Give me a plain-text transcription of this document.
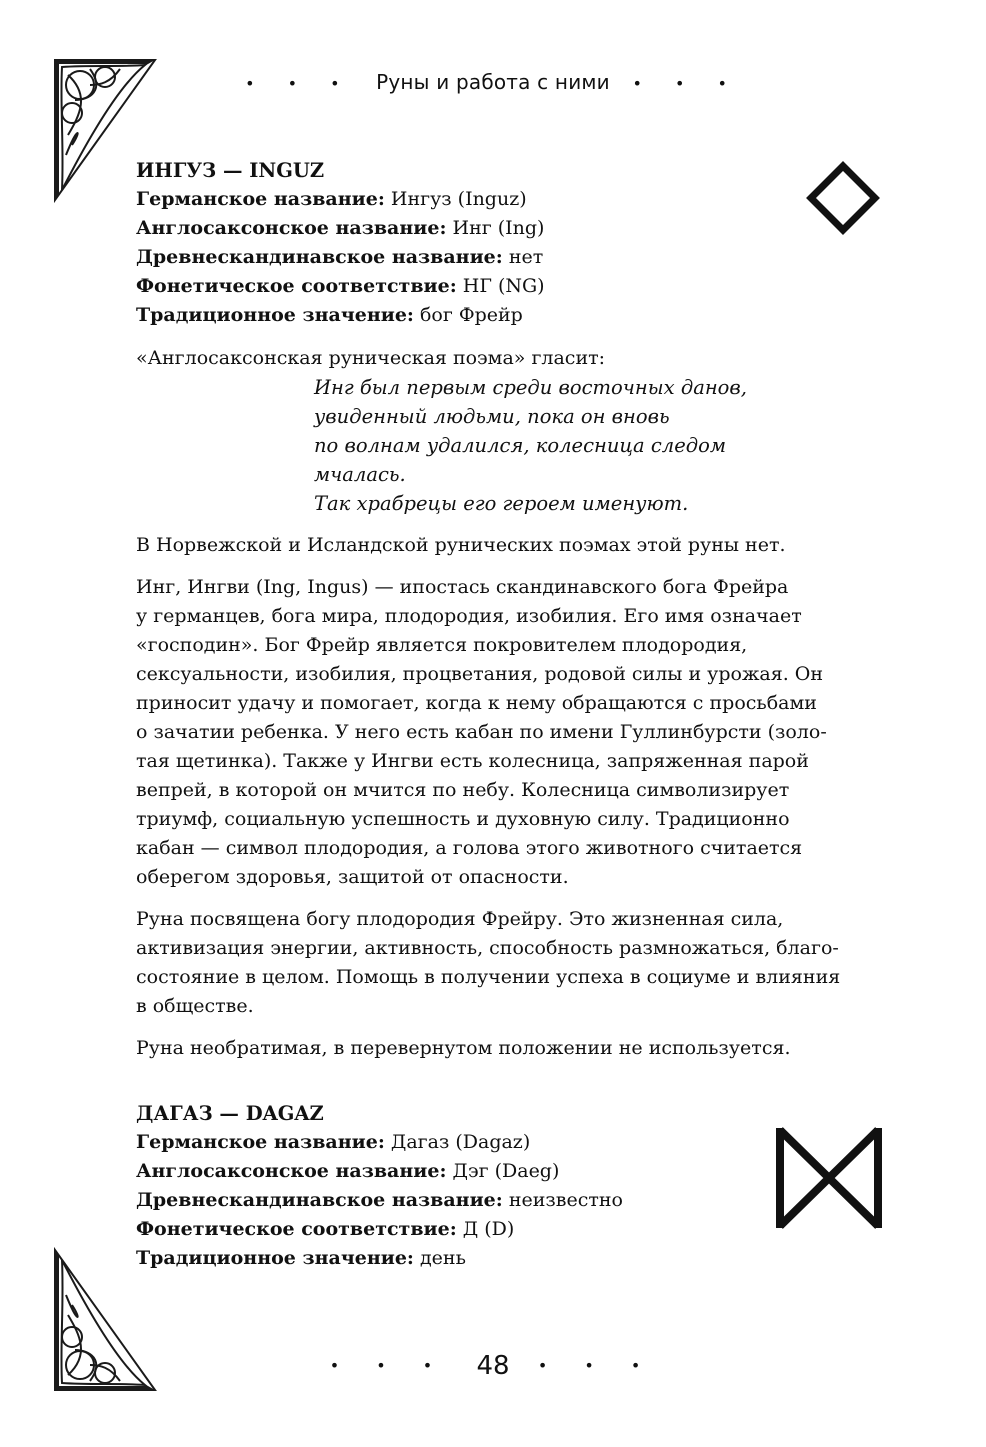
• • • Руны и работа с ними • • •
ИНГУЗ — INGUZ
Германское название: Ингуз (Inguz)
Англосаксонское название: Инг (Ing)
Древнескандинавское название: нет
Фонетическое соответствие: НГ (NG)
Традиционное значение: бог Фрейр

«Англосаксонская руническая поэма» гласит:

Инг был первым среди восточных данов,
увиденный людьми, пока он вновь
по волнам удалился, колесница следом
мчалась.
Так храбрецы его героем именуют.

В Норвежской и Исландской рунических поэмах этой руны нет.

Инг, Ингви (Ing, Ingus) — ипостась скандинавского бога Фрейра
у германцев, бога мира, плодородия, изобилия. Его имя означает
«господин». Бог Фрейр является покровителем плодородия,
сексуальности, изобилия, процветания, родовой силы и урожая. Он
приносит удачу и помогает, когда к нему обращаются с просьбами
о зачатии ребенка. У него есть кабан по имени Гуллинбурсти (золо-
тая щетинка). Также у Ингви есть колесница, запряженная парой
вепрей, в которой он мчится по небу. Колесница символизирует
триумф, социальную успешность и духовную силу. Традиционно
кабан — символ плодородия, а голова этого животного считается
оберегом здоровья, защитой от опасности.

Руна посвящена богу плодородия Фрейру. Это жизненная сила,
активизация энергии, активность, способность размножаться, благо-
состояние в целом. Помощь в получении успеха в социуме и влияния
в обществе.

Руна необратимая, в перевернутом положении не используется.

ДАГАЗ — DAGAZ
Германское название: Дагаз (Dagaz)
Англосаксонское название: Дэг (Daeg)
Древнескандинавское название: неизвестно
Фонетическое соответствие: Д (D)
Традиционное значение: день
• • • 48 • • •
